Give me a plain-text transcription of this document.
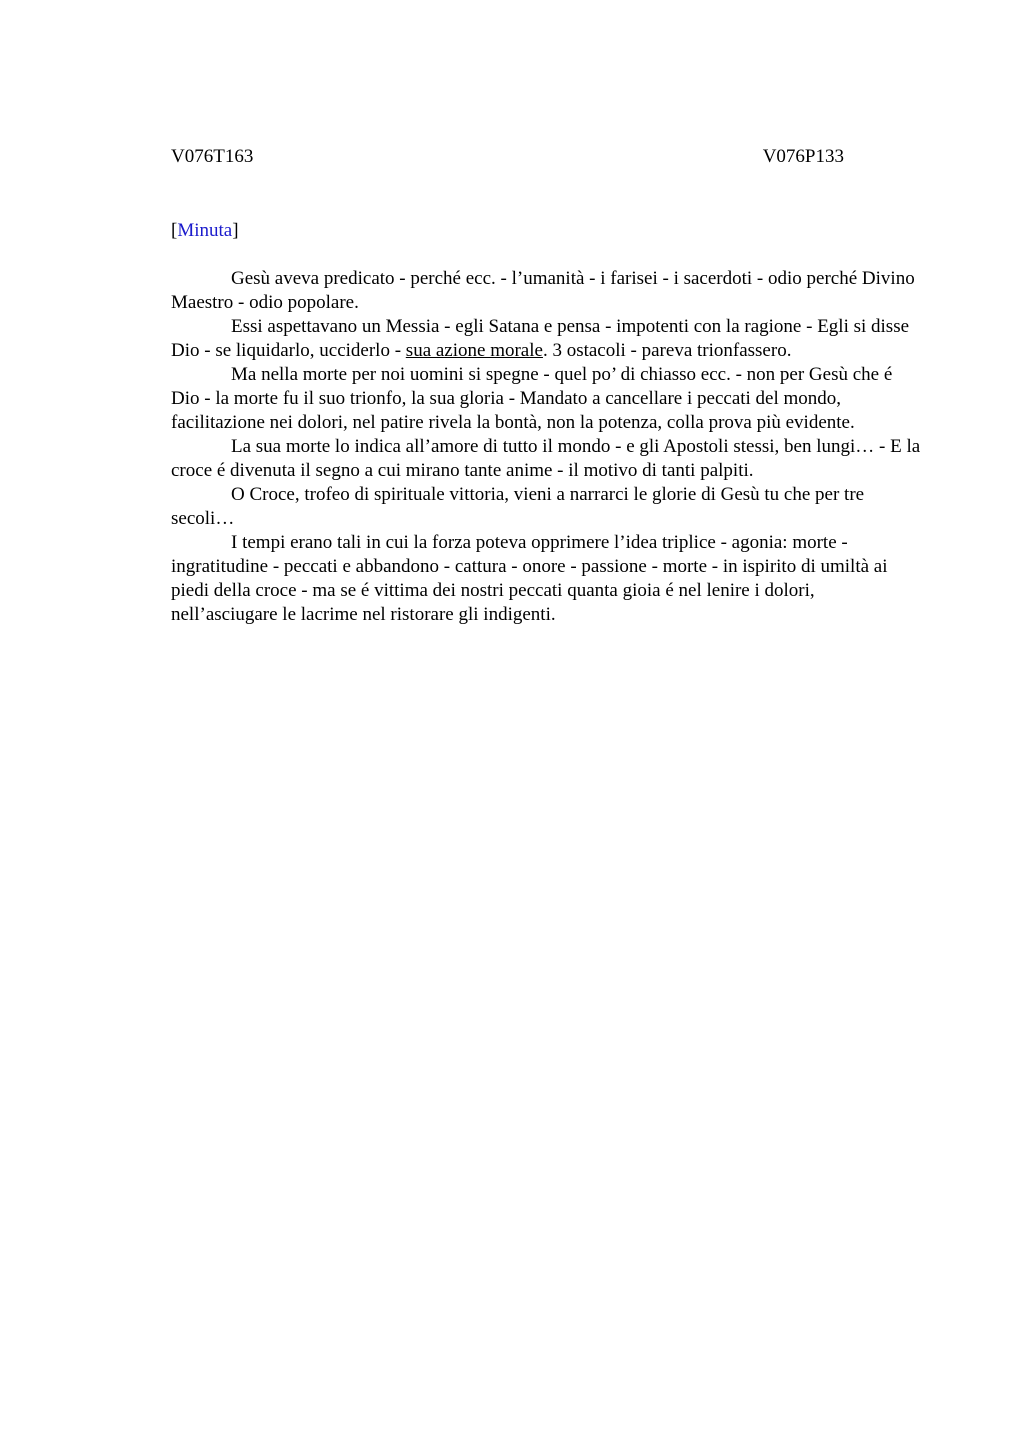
V076T163	V076P133
[Minuta]

Gesù aveva predicato - perché ecc. - l’umanità - i farisei - i sacerdoti - odio perché Divino Maestro - odio popolare.

Essi aspettavano un Messia - egli Satana e pensa - impotenti con la ragione - Egli si disse Dio - se liquidarlo, ucciderlo - sua azione morale. 3 ostacoli - pareva trionfassero.

Ma nella morte per noi uomini si spegne - quel po’ di chiasso ecc. - non per Gesù che é Dio - la morte fu il suo trionfo, la sua gloria - Mandato a cancellare i peccati del mondo, facilitazione nei dolori, nel patire rivela la bontà, non la potenza, colla prova più evidente.

La sua morte lo indica all’amore di tutto il mondo - e gli Apostoli stessi, ben lungi… - E la croce é divenuta il segno a cui mirano tante anime - il motivo di tanti palpiti.

O Croce, trofeo di spirituale vittoria, vieni a narrarci le glorie di Gesù tu che per tre secoli…

I tempi erano tali in cui la forza poteva opprimere l’idea triplice - agonia: morte - ingratitudine - peccati e abbandono - cattura - onore - passione - morte - in ispirito di umiltà ai piedi della croce - ma se é vittima dei nostri peccati quanta gioia é nel lenire i dolori, nell’asciugare le lacrime nel ristorare gli indigenti.
